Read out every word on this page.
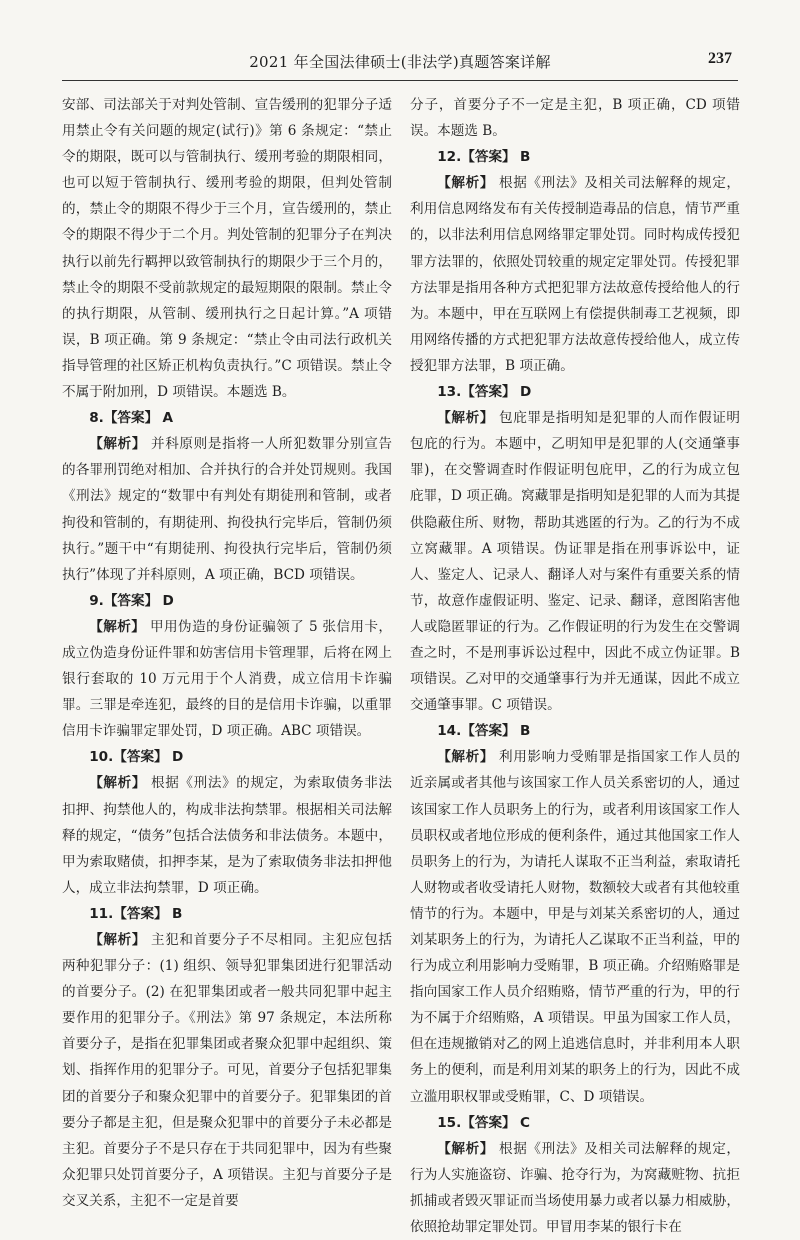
2021 年全国法律硕士(非法学)真题答案详解	237

安部、司法部关于对判处管制、宣告缓刑的犯罪分子适用禁止令有关问题的规定(试行)》第 6 条规定：“禁止令的期限，既可以与管制执行、缓刑考验的期限相同，也可以短于管制执行、缓刑考验的期限，但判处管制的，禁止令的期限不得少于三个月，宣告缓刑的，禁止令的期限不得少于二个月。判处管制的犯罪分子在判决执行以前先行羁押以致管制执行的期限少于三个月的，禁止令的期限不受前款规定的最短期限的限制。禁止令的执行期限，从管制、缓刑执行之日起计算。”A 项错误，B 项正确。第 9 条规定：“禁止令由司法行政机关指导管理的社区矫正机构负责执行。”C 项错误。禁止令不属于附加刑，D 项错误。本题选 B。

8.【答案】 A

【解析】 并科原则是指将一人所犯数罪分别宣告的各罪刑罚绝对相加、合并执行的合并处罚规则。我国《刑法》规定的“数罪中有判处有期徒刑和管制，或者拘役和管制的，有期徒刑、拘役执行完毕后，管制仍须执行。”题干中“有期徒刑、拘役执行完毕后，管制仍须执行”体现了并科原则，A 项正确，BCD 项错误。

9.【答案】 D

【解析】 甲用伪造的身份证骗领了 5 张信用卡，成立伪造身份证件罪和妨害信用卡管理罪，后将在网上银行套取的 10 万元用于个人消费，成立信用卡诈骗罪。三罪是牵连犯，最终的目的是信用卡诈骗，以重罪信用卡诈骗罪定罪处罚，D 项正确。ABC 项错误。

10.【答案】 D

【解析】 根据《刑法》的规定，为索取债务非法扣押、拘禁他人的，构成非法拘禁罪。根据相关司法解释的规定，“债务”包括合法债务和非法债务。本题中，甲为索取赌债，扣押李某，是为了索取债务非法扣押他人，成立非法拘禁罪，D 项正确。

11.【答案】 B

【解析】 主犯和首要分子不尽相同。主犯应包括两种犯罪分子：(1) 组织、领导犯罪集团进行犯罪活动的首要分子。(2) 在犯罪集团或者一般共同犯罪中起主要作用的犯罪分子。《刑法》第 97 条规定，本法所称首要分子，是指在犯罪集团或者聚众犯罪中起组织、策划、指挥作用的犯罪分子。可见，首要分子包括犯罪集团的首要分子和聚众犯罪中的首要分子。犯罪集团的首要分子都是主犯，但是聚众犯罪中的首要分子未必都是主犯。首要分子不是只存在于共同犯罪中，因为有些聚众犯罪只处罚首要分子，A 项错误。主犯与首要分子是交叉关系，主犯不一定是首要

分子，首要分子不一定是主犯，B 项正确，CD 项错误。本题选 B。

12.【答案】 B

【解析】 根据《刑法》及相关司法解释的规定，利用信息网络发布有关传授制造毒品的信息，情节严重的，以非法利用信息网络罪定罪处罚。同时构成传授犯罪方法罪的，依照处罚较重的规定定罪处罚。传授犯罪方法罪是指用各种方式把犯罪方法故意传授给他人的行为。本题中，甲在互联网上有偿提供制毒工艺视频，即用网络传播的方式把犯罪方法故意传授给他人，成立传授犯罪方法罪，B 项正确。

13.【答案】 D

【解析】 包庇罪是指明知是犯罪的人而作假证明包庇的行为。本题中，乙明知甲是犯罪的人(交通肇事罪)，在交警调查时作假证明包庇甲，乙的行为成立包庇罪，D 项正确。窝藏罪是指明知是犯罪的人而为其提供隐蔽住所、财物，帮助其逃匿的行为。乙的行为不成立窝藏罪。A 项错误。伪证罪是指在刑事诉讼中，证人、鉴定人、记录人、翻译人对与案件有重要关系的情节，故意作虚假证明、鉴定、记录、翻译，意图陷害他人或隐匿罪证的行为。乙作假证明的行为发生在交警调查之时，不是刑事诉讼过程中，因此不成立伪证罪。B 项错误。乙对甲的交通肇事行为并无通谋，因此不成立交通肇事罪。C 项错误。

14.【答案】 B

【解析】 利用影响力受贿罪是指国家工作人员的近亲属或者其他与该国家工作人员关系密切的人，通过该国家工作人员职务上的行为，或者利用该国家工作人员职权或者地位形成的便利条件，通过其他国家工作人员职务上的行为，为请托人谋取不正当利益，索取请托人财物或者收受请托人财物，数额较大或者有其他较重情节的行为。本题中，甲是与刘某关系密切的人，通过刘某职务上的行为，为请托人乙谋取不正当利益，甲的行为成立利用影响力受贿罪，B 项正确。介绍贿赂罪是指向国家工作人员介绍贿赂，情节严重的行为，甲的行为不属于介绍贿赂，A 项错误。甲虽为国家工作人员，但在违规撤销对乙的网上追逃信息时，并非利用本人职务上的便利，而是利用刘某的职务上的行为，因此不成立滥用职权罪或受贿罪，C、D 项错误。

15.【答案】 C

【解析】 根据《刑法》及相关司法解释的规定，行为人实施盗窃、诈骗、抢夺行为，为窝藏赃物、抗拒抓捕或者毁灭罪证而当场使用暴力或者以暴力相威胁，依照抢劫罪定罪处罚。甲冒用李某的银行卡在
